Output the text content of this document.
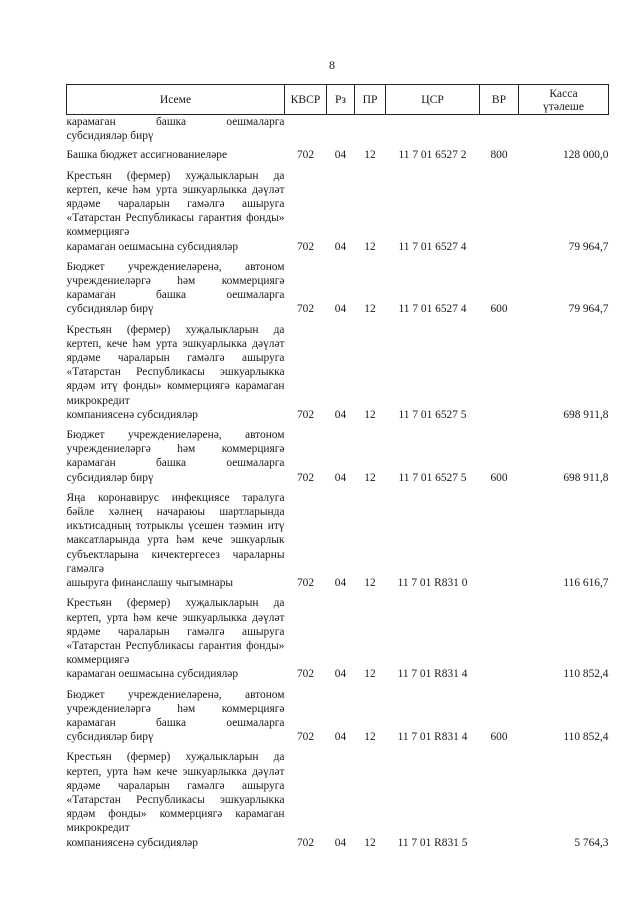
8
Исеме	КВСР	Рз	ПР	ЦСР	ВР	Касса
үтәлеше

карамаган башка оешмаларга
субсидияләр бирү						

Башка бюджет ассигнованиеләре	702	04	12	11 7 01 6527 2	800	128 000,0

Крестьян (фермер) хуҗалыкларын да кертеп, кече һәм урта эшкуарлыкка дәүләт ярдәме чараларын гамәлгә ашыруга «Татарстан Республикасы гарантия фонды» коммерциягә
карамаган оешмасына субсидияләр	702	04	12	11 7 01 6527 4		79 964,7

Бюджет учреждениеләренә, автоном учреждениеләргә һәм коммерциягә карамаган башка оешмаларга
субсидияләр бирү	702	04	12	11 7 01 6527 4	600	79 964,7

Крестьян (фермер) хуҗалыкларын да кертеп, кече һәм урта эшкуарлыкка дәүләт ярдәме чараларын гамәлгә ашыруга «Татарстан Республикасы эшкуарлыкка ярдәм итү фонды» коммерциягә карамаган микрокредит
компаниясенә субсидияләр	702	04	12	11 7 01 6527 5		698 911,8

Бюджет учреждениеләренә, автоном учреждениеләргә һәм коммерциягә карамаган башка оешмаларга
субсидияләр бирү	702	04	12	11 7 01 6527 5	600	698 911,8

Яңа коронавирус инфекциясе таралуга бәйле хәлнең начараюы шартларында икътисадның тотрыклы үсешен тәэмин итү максатларында урта һәм кече эшкуарлык субъектларына кичектергесез чараларны гамәлгә
ашыруга финанслашу чыгымнары	702	04	12	11 7 01 R831 0		116 616,7

Крестьян (фермер) хуҗалыкларын да кертеп, урта һәм кече эшкуарлыкка дәүләт ярдәме чараларын гамәлгә ашыруга «Татарстан Республикасы гарантия фонды» коммерциягә
карамаган оешмасына субсидияләр	702	04	12	11 7 01 R831 4		110 852,4

Бюджет учреждениеләренә, автоном учреждениеләргә һәм коммерциягә карамаган башка оешмаларга
субсидияләр бирү	702	04	12	11 7 01 R831 4	600	110 852,4

Крестьян (фермер) хуҗалыкларын да кертеп, урта һәм кече эшкуарлыкка дәүләт ярдәме чараларын гамәлгә ашыруга «Татарстан Республикасы эшкуарлыкка ярдәм фонды» коммерциягә карамаган микрокредит
компаниясенә субсидияләр	702	04	12	11 7 01 R831 5		5 764,3
